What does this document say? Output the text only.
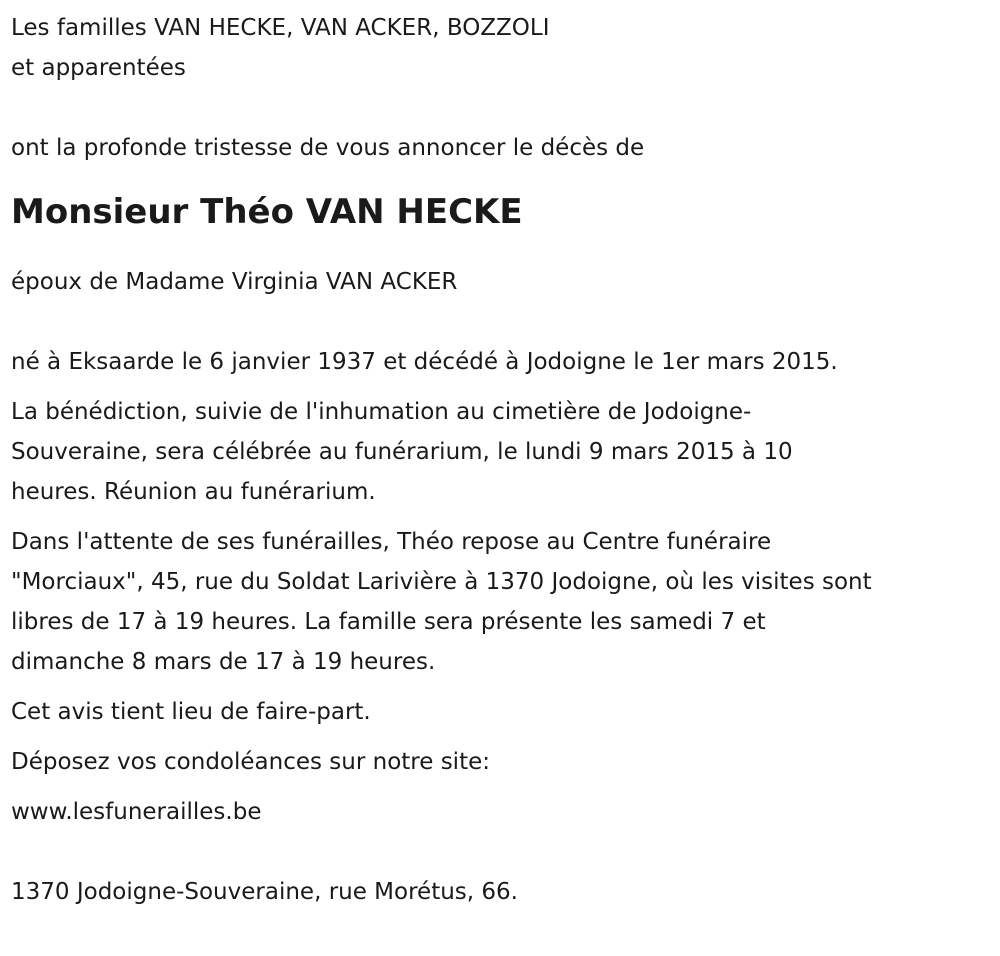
Les familles VAN HECKE, VAN ACKER, BOZZOLI

et apparentées

ont la profonde tristesse de vous annoncer le décès de

Monsieur Théo VAN HECKE

époux de Madame Virginia VAN ACKER

né à Eksaarde le 6 janvier 1937 et décédé à Jodoigne le 1er mars 2015.

La bénédiction, suivie de l'inhumation au cimetière de Jodoigne-

Souveraine, sera célébrée au funérarium, le lundi 9 mars 2015 à 10

heures. Réunion au funérarium.

Dans l'attente de ses funérailles, Théo repose au Centre funéraire

"Morciaux", 45, rue du Soldat Larivière à 1370 Jodoigne, où les visites sont

libres de 17 à 19 heures. La famille sera présente les samedi 7 et

dimanche 8 mars de 17 à 19 heures.

Cet avis tient lieu de faire-part.

Déposez vos condoléances sur notre site:

www.lesfunerailles.be

1370 Jodoigne-Souveraine, rue Morétus, 66.
